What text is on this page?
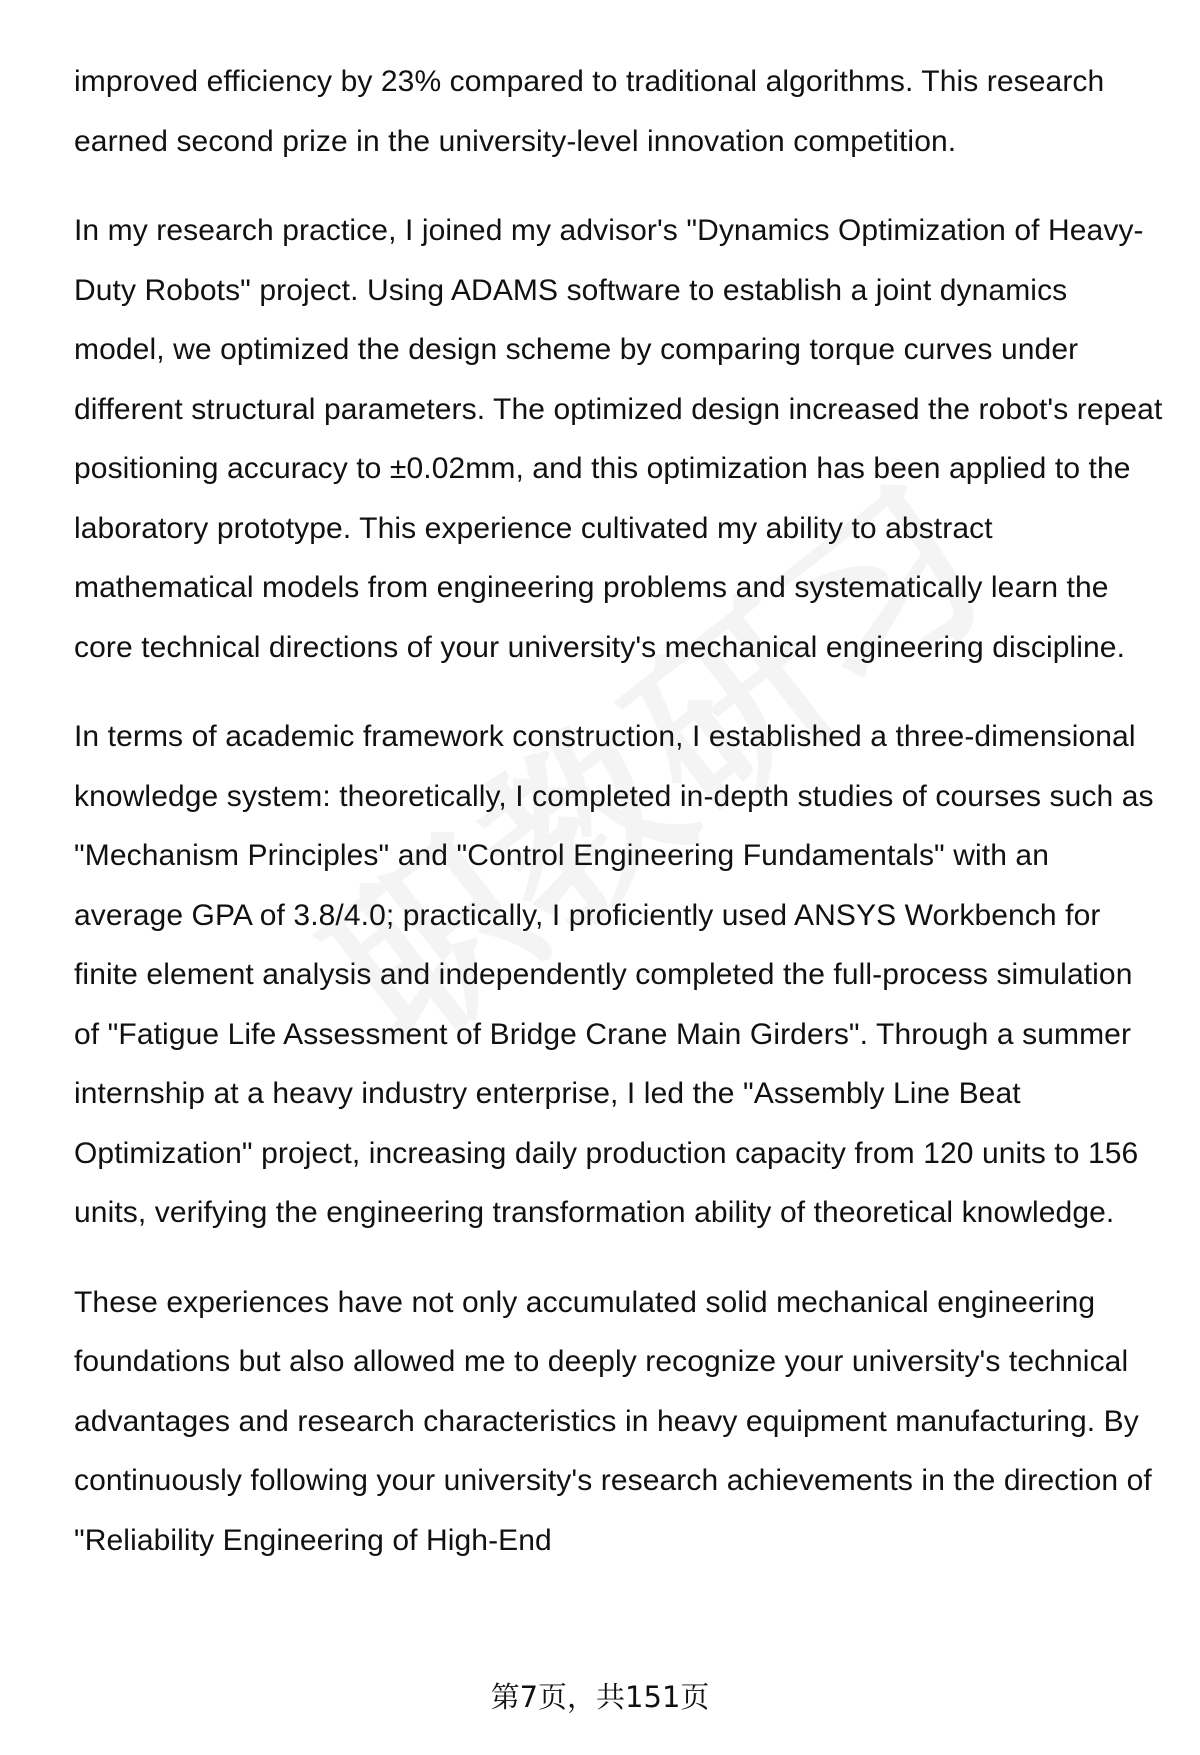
improved efficiency by 23% compared to traditional algorithms. This research earned second prize in the university-level innovation competition.

In my research practice, I joined my advisor's "Dynamics Optimization of Heavy-Duty Robots" project. Using ADAMS software to establish a joint dynamics model, we optimized the design scheme by comparing torque curves under different structural parameters. The optimized design increased the robot's repeat positioning accuracy to ±0.02mm, and this optimization has been applied to the laboratory prototype. This experience cultivated my ability to abstract mathematical models from engineering problems and systematically learn the core technical directions of your university's mechanical engineering discipline.

In terms of academic framework construction, I established a three-dimensional knowledge system: theoretically, I completed in-depth studies of courses such as "Mechanism Principles" and "Control Engineering Fundamentals" with an average GPA of 3.8/4.0; practically, I proficiently used ANSYS Workbench for finite element analysis and independently completed the full-process simulation of "Fatigue Life Assessment of Bridge Crane Main Girders". Through a summer internship at a heavy industry enterprise, I led the "Assembly Line Beat Optimization" project, increasing daily production capacity from 120 units to 156 units, verifying the engineering transformation ability of theoretical knowledge.

These experiences have not only accumulated solid mechanical engineering foundations but also allowed me to deeply recognize your university's technical advantages and research characteristics in heavy equipment manufacturing. By continuously following your university's research achievements in the direction of "Reliability Engineering of High-End

第7页，共151页
